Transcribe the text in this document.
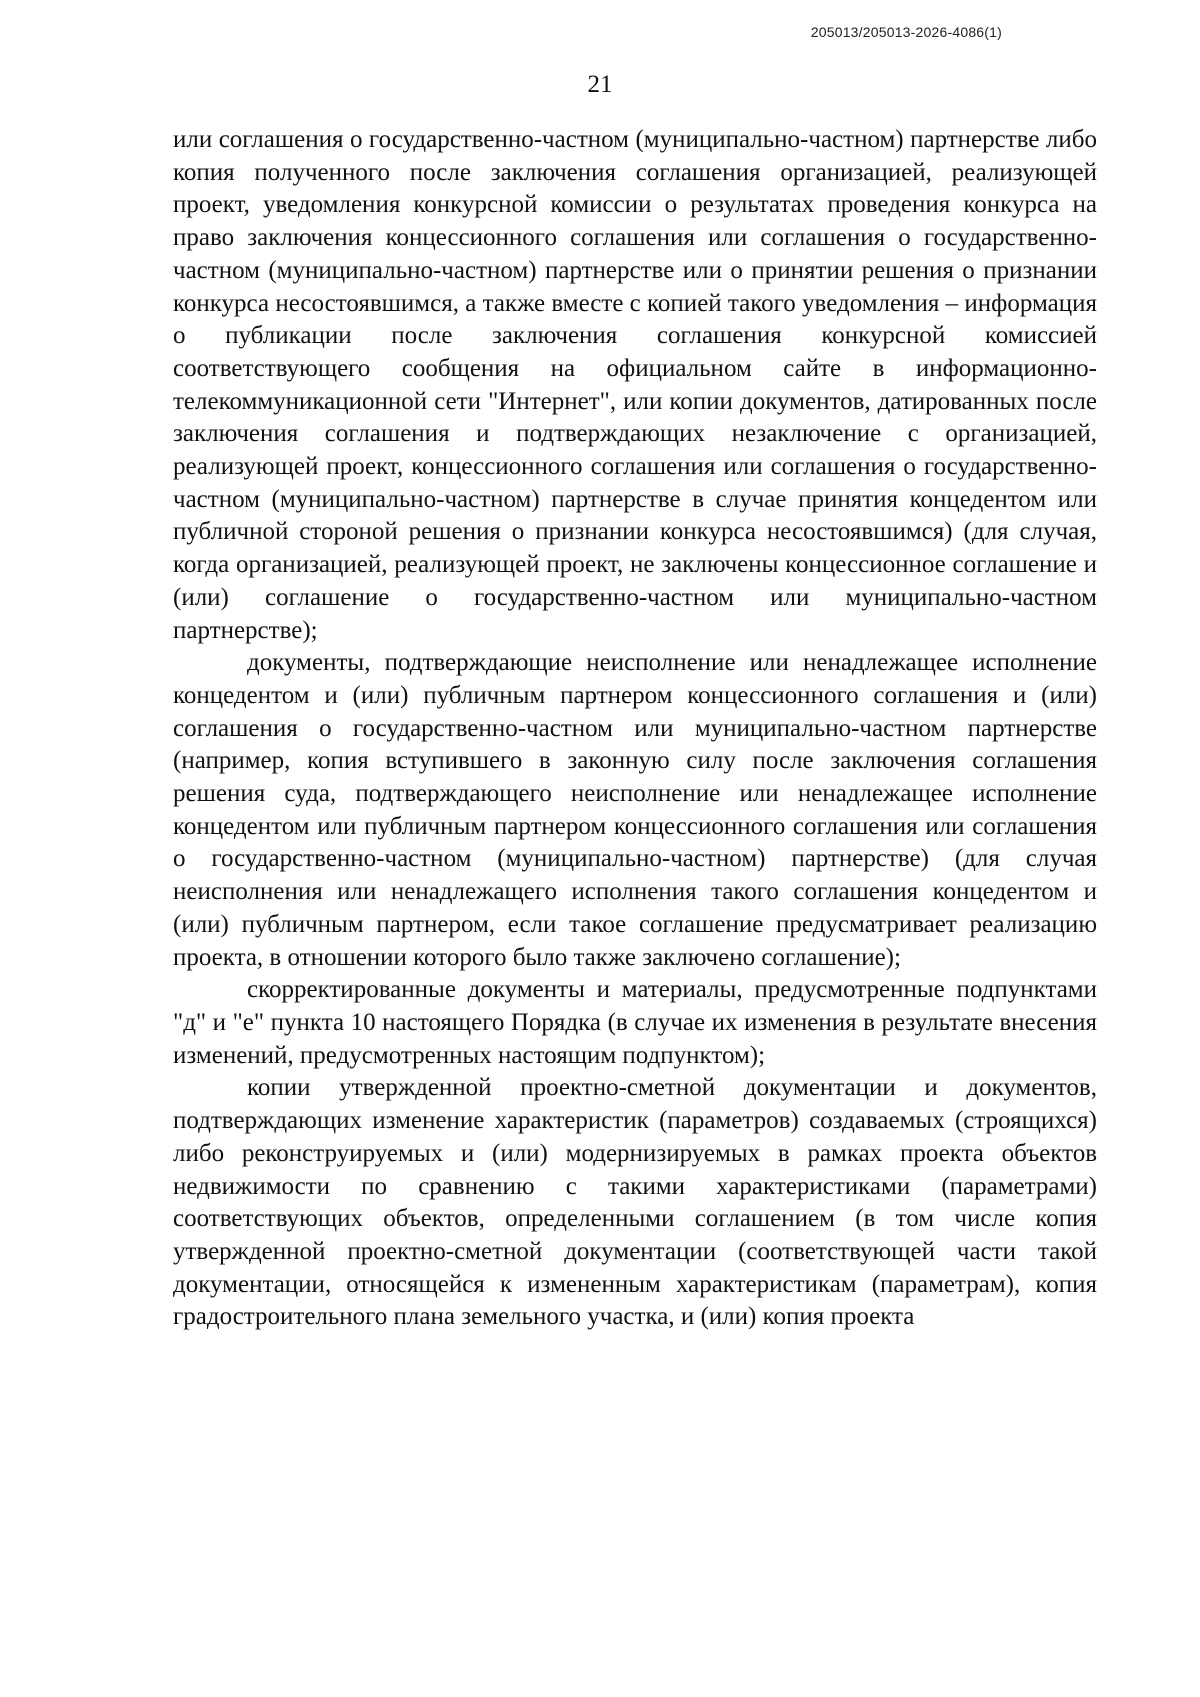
205013/205013-2026-4086(1)
21

или соглашения о государственно-частном (муниципально-частном) партнерстве либо копия полученного после заключения соглашения организацией, реализующей проект, уведомления конкурсной комиссии о результатах проведения конкурса на право заключения концессионного соглашения или соглашения о государственно-частном (муниципально-частном) партнерстве или о принятии решения о признании конкурса несостоявшимся, а также вместе с копией такого уведомления – информация о публикации после заключения соглашения конкурсной комиссией соответствующего сообщения на официальном сайте в информационно-телекоммуникационной сети "Интернет", или копии документов, датированных после заключения соглашения и подтверждающих незаключение с организацией, реализующей проект, концессионного соглашения или соглашения о государственно-частном (муниципально-частном) партнерстве в случае принятия концедентом или публичной стороной решения о признании конкурса несостоявшимся) (для случая, когда организацией, реализующей проект, не заключены концессионное соглашение и (или) соглашение о государственно-частном или муниципально-частном партнерстве);

документы, подтверждающие неисполнение или ненадлежащее исполнение концедентом и (или) публичным партнером концессионного соглашения и (или) соглашения о государственно-частном или муниципально-частном партнерстве (например, копия вступившего в законную силу после заключения соглашения решения суда, подтверждающего неисполнение или ненадлежащее исполнение концедентом или публичным партнером концессионного соглашения или соглашения о государственно-частном (муниципально-частном) партнерстве) (для случая неисполнения или ненадлежащего исполнения такого соглашения концедентом и (или) публичным партнером, если такое соглашение предусматривает реализацию проекта, в отношении которого было также заключено соглашение);

скорректированные документы и материалы, предусмотренные подпунктами "д" и "е" пункта 10 настоящего Порядка (в случае их изменения в результате внесения изменений, предусмотренных настоящим подпунктом);

копии утвержденной проектно-сметной документации и документов, подтверждающих изменение характеристик (параметров) создаваемых (строящихся) либо реконструируемых и (или) модернизируемых в рамках проекта объектов недвижимости по сравнению с такими характеристиками (параметрами) соответствующих объектов, определенными соглашением (в том числе копия утвержденной проектно-сметной документации (соответствующей части такой документации, относящейся к измененным характеристикам (параметрам), копия градостроительного плана земельного участка, и (или) копия проекта
